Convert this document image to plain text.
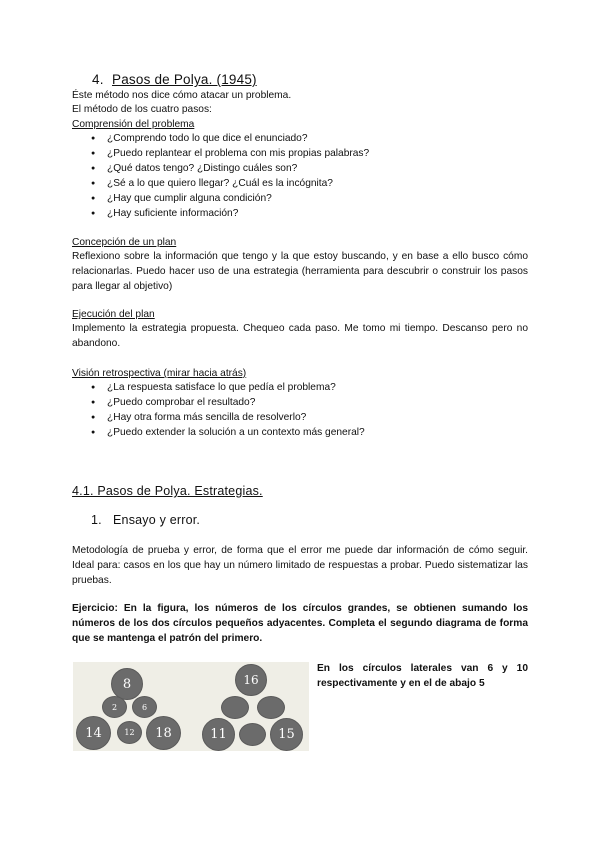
4. Pasos de Polya. (1945)
Éste método nos dice cómo atacar un problema.
El método de los cuatro pasos:
Comprensión del problema
● ¿Comprendo todo lo que dice el enunciado?
● ¿Puedo replantear el problema con mis propias palabras?
● ¿Qué datos tengo? ¿Distingo cuáles son?
● ¿Sé a lo que quiero llegar? ¿Cuál es la incógnita?
● ¿Hay que cumplir alguna condición?
● ¿Hay suficiente información?
Concepción de un plan
Reflexiono sobre la información que tengo y la que estoy buscando, y en base a ello busco cómo relacionarlas. Puedo hacer uso de una estrategia (herramienta para descubrir o construir los pasos para llegar al objetivo)
Ejecución del plan
Implemento la estrategia propuesta. Chequeo cada paso. Me tomo mi tiempo. Descanso pero no abandono.
Visión retrospectiva (mirar hacia atrás)
● ¿La respuesta satisface lo que pedía el problema?
● ¿Puedo comprobar el resultado?
● ¿Hay otra forma más sencilla de resolverlo?
● ¿Puedo extender la solución a un contexto más general?
4.1. Pasos de Polya. Estrategias.
1. Ensayo y error.
Metodología de prueba y error, de forma que el error me puede dar información de cómo seguir. Ideal para: casos en los que hay un número limitado de respuestas a probar. Puedo sistematizar las pruebas.
Ejercicio: En la figura, los números de los círculos grandes, se obtienen sumando los números de los dos círculos pequeños adyacentes. Completa el segundo diagrama de forma que se mantenga el patrón del primero.
En los círculos laterales van 6 y 10 respectivamente y en el de abajo 5
8
2	6
14	12	18
16
11	15
